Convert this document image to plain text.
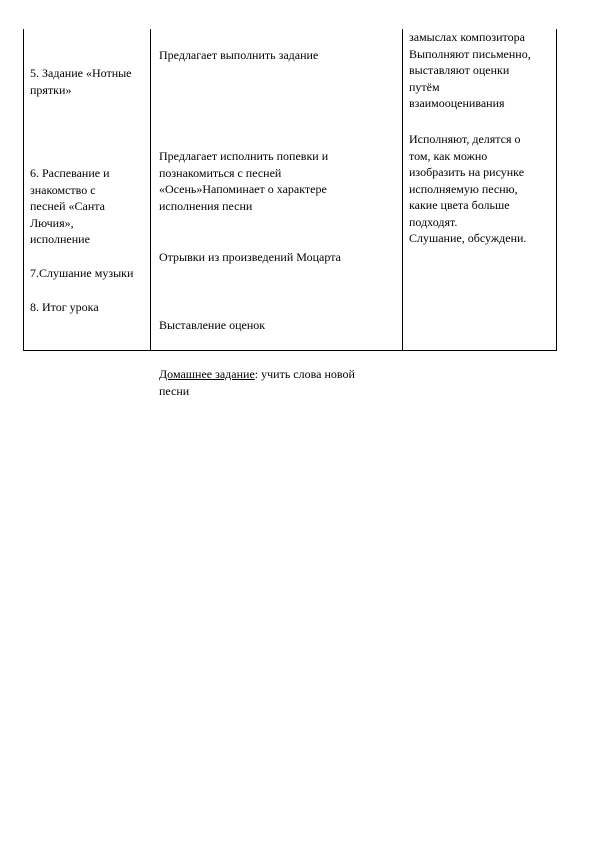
5. Задание «Нотные
прятки»
6. Распевание и
знакомство с
песней «Санта
Лючия»,
исполнение
7.Слушание музыки
8. Итог урока
Предлагает выполнить задание
Предлагает исполнить попевки и
познакомиться с песней
«Осень»Напоминает о характере
исполнения песни
Отрывки из произведений Моцарта

Выставление оценок

Домашнее задание: учить слова новой
песни

замыслах композитора
Выполняют письменно,
выставляют оценки
путём
взаимооценивания
Исполняют, делятся о
том, как можно
изобразить на рисунке
исполняемую песню,
какие цвета больше
подходят.
Слушание, обсуждени.
